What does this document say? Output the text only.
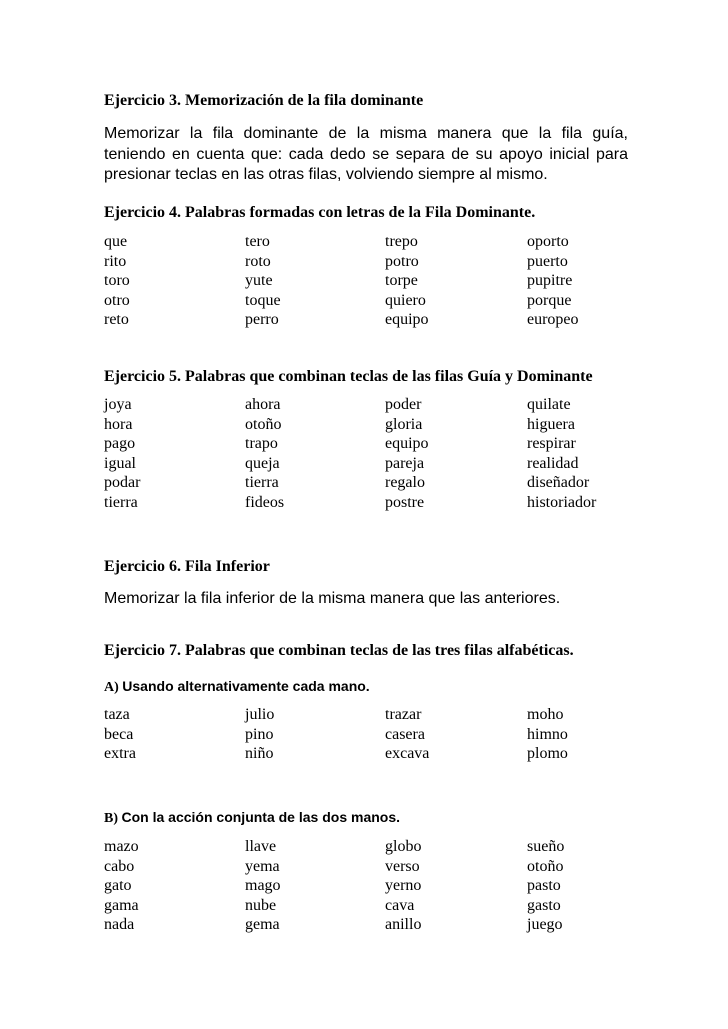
Ejercicio 3. Memorización de la fila dominante
Memorizar la fila dominante de la misma manera que la fila guía, teniendo en cuenta que: cada dedo se separa de su apoyo inicial para presionar teclas en las otras filas, volviendo siempre al mismo.
Ejercicio 4. Palabras formadas con letras de la Fila Dominante.
que	tero	trepo	oporto
rito	roto	potro	puerto
toro	yute	torpe	pupitre
otro	toque	quiero	porque
reto	perro	equipo	europeo
Ejercicio 5. Palabras que combinan teclas de las filas Guía y Dominante
joya	ahora	poder	quilate
hora	otoño	gloria	higuera
pago	trapo	equipo	respirar
igual	queja	pareja	realidad
podar	tierra	regalo	diseñador
tierra	fideos	postre	historiador
Ejercicio 6. Fila Inferior
Memorizar la fila inferior de la misma manera que las anteriores.
Ejercicio 7. Palabras que combinan teclas de las tres filas alfabéticas.
A) Usando alternativamente cada mano.
taza	julio	trazar	moho
beca	pino	casera	himno
extra	niño	excava	plomo
B) Con la acción conjunta de las dos manos.
mazo	llave	globo	sueño
cabo	yema	verso	otoño
gato	mago	yerno	pasto
gama	nube	cava	gasto
nada	gema	anillo	juego
